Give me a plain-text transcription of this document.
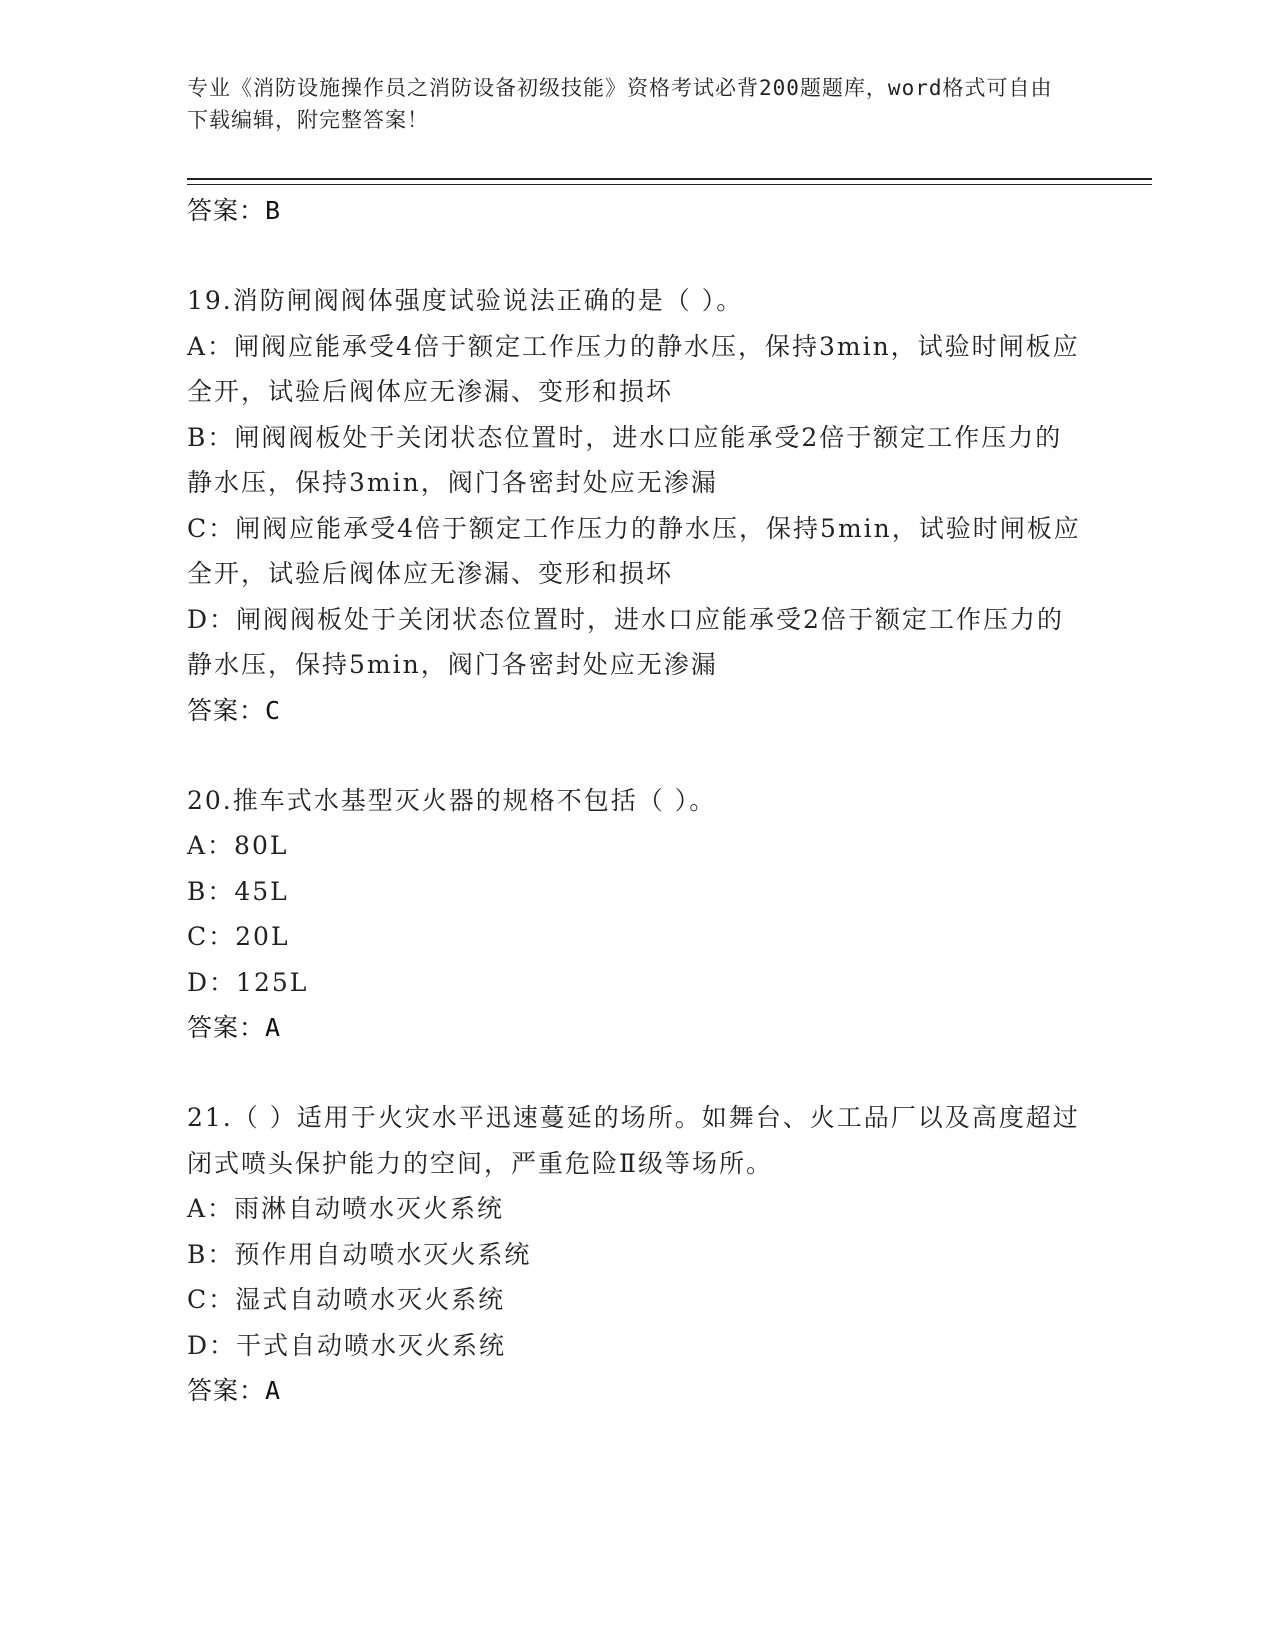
专业《消防设施操作员之消防设备初级技能》资格考试必背200题题库，word格式可自由下载编辑，附完整答案！
答案：B
19.消防闸阀阀体强度试验说法正确的是（ ）。
A：闸阀应能承受4倍于额定工作压力的静水压，保持3min，试验时闸板应全开，试验后阀体应无渗漏、变形和损坏
B：闸阀阀板处于关闭状态位置时，进水口应能承受2倍于额定工作压力的静水压，保持3min，阀门各密封处应无渗漏
C：闸阀应能承受4倍于额定工作压力的静水压，保持5min，试验时闸板应全开，试验后阀体应无渗漏、变形和损坏
D：闸阀阀板处于关闭状态位置时，进水口应能承受2倍于额定工作压力的静水压，保持5min，阀门各密封处应无渗漏
答案：C
20.推车式水基型灭火器的规格不包括（ ）。
A：80L
B：45L
C：20L
D：125L
答案：A
21.（ ）适用于火灾水平迅速蔓延的场所。如舞台、火工品厂以及高度超过闭式喷头保护能力的空间，严重危险Ⅱ级等场所。
A：雨淋自动喷水灭火系统
B：预作用自动喷水灭火系统
C：湿式自动喷水灭火系统
D：干式自动喷水灭火系统
答案：A
